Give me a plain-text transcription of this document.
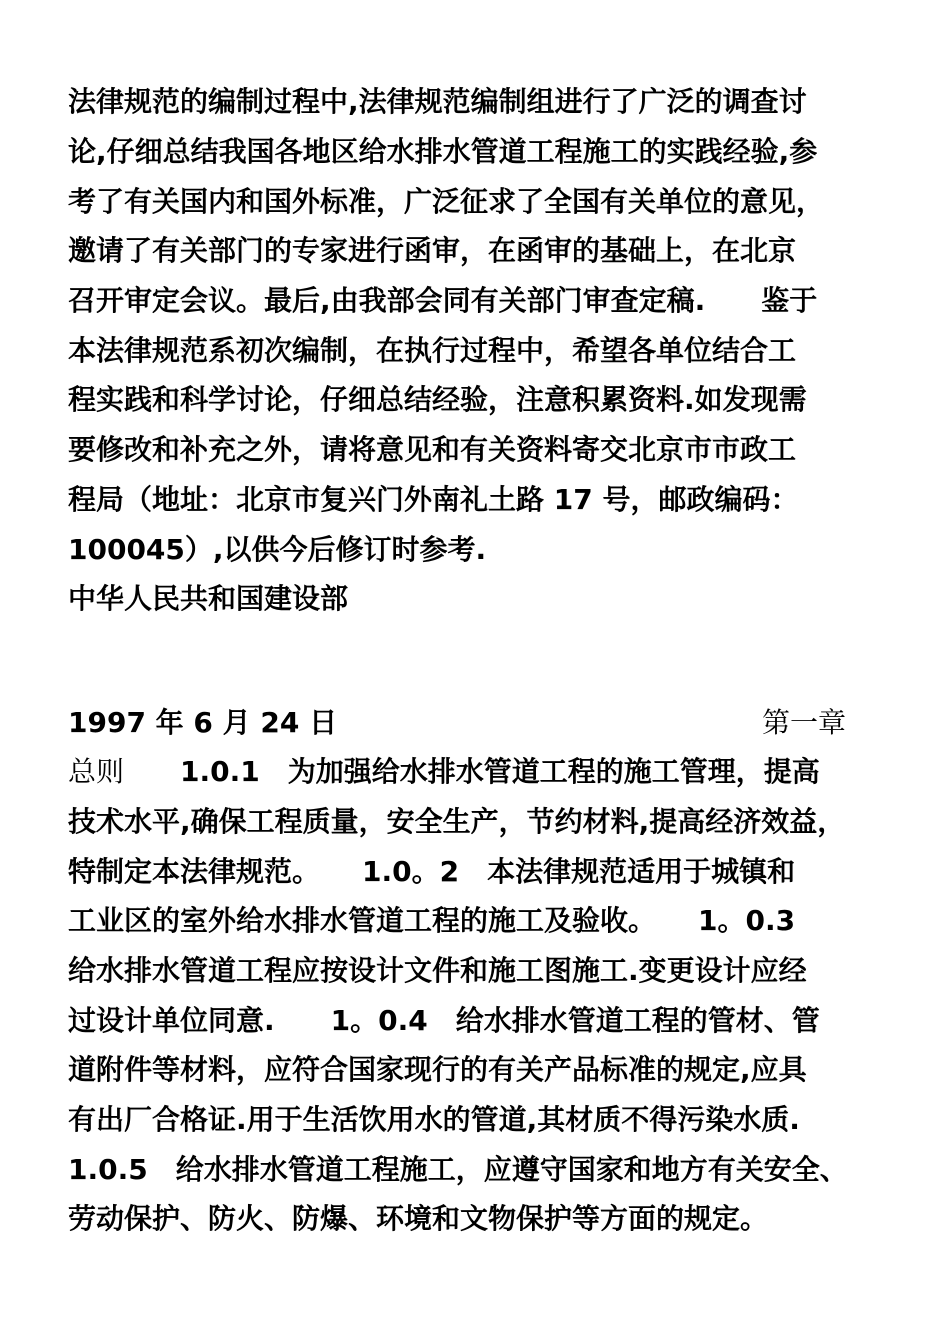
法律规范的编制过程中,法律规范编制组进行了广泛的调查讨
论,仔细总结我国各地区给水排水管道工程施工的实践经验,参
考了有关国内和国外标准，广泛征求了全国有关单位的意见，
邀请了有关部门的专家进行函审，在函审的基础上，在北京
召开审定会议。最后,由我部会同有关部门审查定稿.　　鉴于
本法律规范系初次编制，在执行过程中，希望各单位结合工
程实践和科学讨论，仔细总结经验，注意积累资料.如发现需
要修改和补充之外，请将意见和有关资料寄交北京市市政工
程局（地址：北京市复兴门外南礼土路 17 号，邮政编码：
100045）,以供今后修订时参考.
中华人民共和国建设部
1997 年 6 月 24 日	第一章
总则　　1.0.1　为加强给水排水管道工程的施工管理，提高
技术水平,确保工程质量，安全生产，节约材料,提高经济效益，
特制定本法律规范。　　1.0。2　本法律规范适用于城镇和
工业区的室外给水排水管道工程的施工及验收。　　1。0.3
给水排水管道工程应按设计文件和施工图施工.变更设计应经
过设计单位同意.　　1。0.4　给水排水管道工程的管材、管
道附件等材料，应符合国家现行的有关产品标准的规定,应具
有出厂合格证.用于生活饮用水的管道,其材质不得污染水质.
1.0.5　给水排水管道工程施工，应遵守国家和地方有关安全、
劳动保护、防火、防爆、环境和文物保护等方面的规定。
